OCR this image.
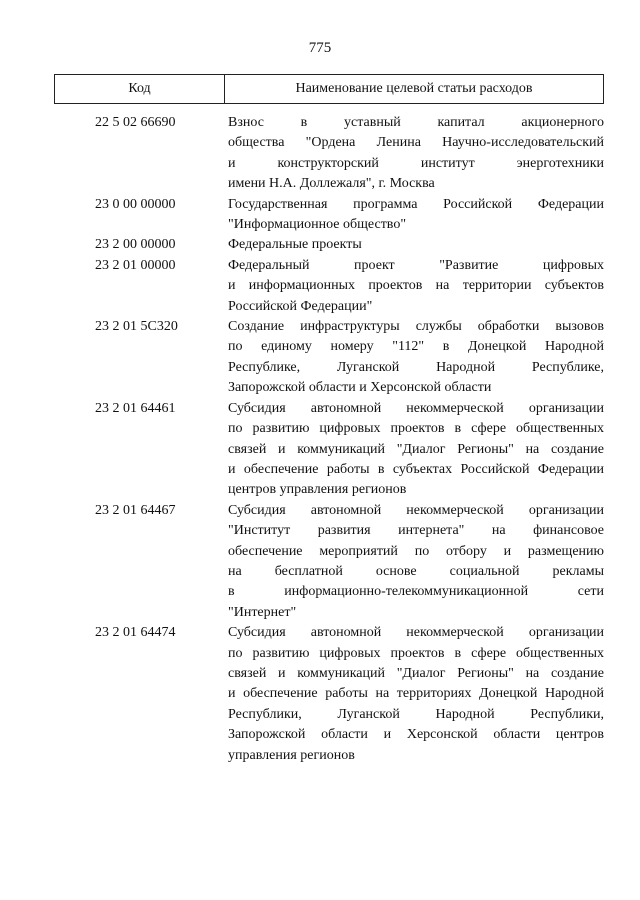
775
Код	Наименование целевой статьи расходов
22 5 02 66690	Взнос в уставный капитал акционерного
общества "Ордена Ленина Научно-исследовательский
и конструкторский институт энерготехники
имени Н.А. Доллежаля", г. Москва
23 0 00 00000	Государственная программа Российской Федерации
"Информационное общество"
23 2 00 00000	Федеральные проекты
23 2 01 00000	Федеральный проект "Развитие цифровых
и информационных проектов на территории субъектов
Российской Федерации"
23 2 01 5С320	Создание инфраструктуры службы обработки вызовов
по единому номеру "112" в Донецкой Народной
Республике, Луганской Народной Республике,
Запорожской области и Херсонской области
23 2 01 64461	Субсидия автономной некоммерческой организации
по развитию цифровых проектов в сфере общественных
связей и коммуникаций "Диалог Регионы" на создание
и обеспечение работы в субъектах Российской Федерации
центров управления регионов
23 2 01 64467	Субсидия автономной некоммерческой организации
"Институт развития интернета" на финансовое
обеспечение мероприятий по отбору и размещению
на бесплатной основе социальной рекламы
в информационно-телекоммуникационной сети
"Интернет"
23 2 01 64474	Субсидия автономной некоммерческой организации
по развитию цифровых проектов в сфере общественных
связей и коммуникаций "Диалог Регионы" на создание
и обеспечение работы на территориях Донецкой Народной
Республики, Луганской Народной Республики,
Запорожской области и Херсонской области центров
управления регионов
